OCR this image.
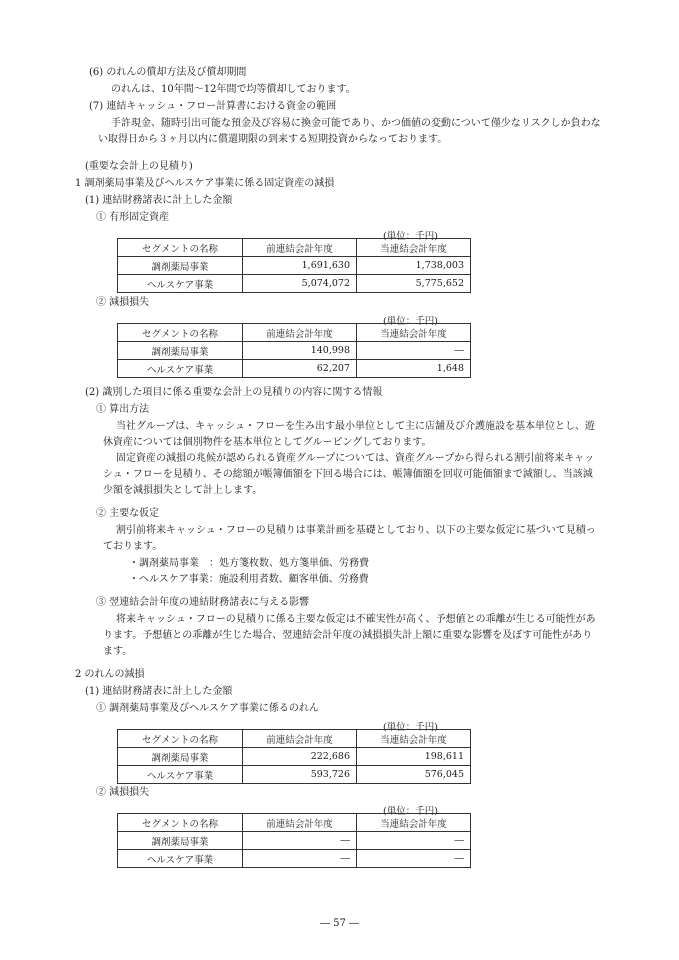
(6) のれんの償却方法及び償却期間
のれんは、10年間～12年間で均等償却しております。
(7) 連結キャッシュ・フロー計算書における資金の範囲
手許現金、随時引出可能な預金及び容易に換金可能であり、かつ価値の変動について僅少なリスクしか負わな
い取得日から３ヶ月以内に償還期限の到来する短期投資からなっております。
(重要な会計上の見積り)
1 調剤薬局事業及びヘルスケア事業に係る固定資産の減損
(1) 連結財務諸表に計上した金額
① 有形固定資産
(単位：千円)
セグメントの名称	前連結会計年度	当連結会計年度
調剤薬局事業	1,691,630	1,738,003
ヘルスケア事業	5,074,072	5,775,652
② 減損損失
(単位：千円)
セグメントの名称	前連結会計年度	当連結会計年度
調剤薬局事業	140,998	―
ヘルスケア事業	62,207	1,648
(2) 識別した項目に係る重要な会計上の見積りの内容に関する情報
① 算出方法
当社グループは、キャッシュ・フローを生み出す最小単位として主に店舗及び介護施設を基本単位とし、遊
休資産については個別物件を基本単位としてグルーピングしております。
固定資産の減損の兆候が認められる資産グループについては、資産グループから得られる割引前将来キャッ
シュ・フローを見積り、その総額が帳簿価額を下回る場合には、帳簿価額を回収可能価額まで減額し、当該減
少額を減損損失として計上します。
② 主要な仮定
割引前将来キャッシュ・フローの見積りは事業計画を基礎としており、以下の主要な仮定に基づいて見積っ
ております。
・調剤薬局事業　：処方箋枚数、処方箋単価、労務費
・ヘルスケア事業：施設利用者数、顧客単価、労務費
③ 翌連結会計年度の連結財務諸表に与える影響
将来キャッシュ・フローの見積りに係る主要な仮定は不確実性が高く、予想値との乖離が生じる可能性があ
ります。予想値との乖離が生じた場合、翌連結会計年度の減損損失計上額に重要な影響を及ぼす可能性があり
ます。
2 のれんの減損
(1) 連結財務諸表に計上した金額
① 調剤薬局事業及びヘルスケア事業に係るのれん
(単位：千円)
セグメントの名称	前連結会計年度	当連結会計年度
調剤薬局事業	222,686	198,611
ヘルスケア事業	593,726	576,045
② 減損損失
(単位：千円)
セグメントの名称	前連結会計年度	当連結会計年度
調剤薬局事業	―	―
ヘルスケア事業	―	―
― 57 ―
